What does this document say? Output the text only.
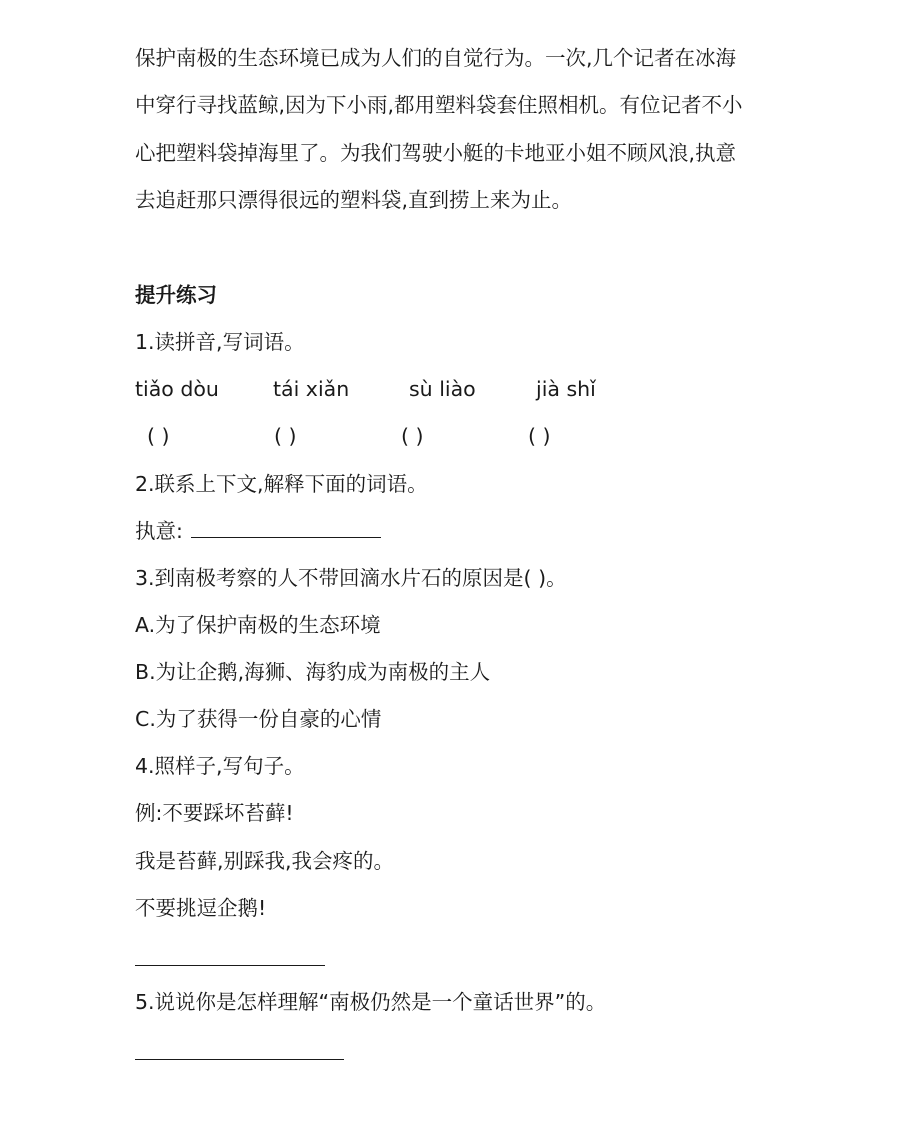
保护南极的生态环境已成为人们的自觉行为。一次,几个记者在冰海
中穿行寻找蓝鲸,因为下小雨,都用塑料袋套住照相机。有位记者不小
心把塑料袋掉海里了。为我们驾驶小艇的卡地亚小姐不顾风浪,执意
去追赶那只漂得很远的塑料袋,直到捞上来为止。
提升练习
1.读拼音,写词语。
tiǎo dòu	tái xiǎn	sù liào	jià shǐ
( )	( )	( )	( )
2.联系上下文,解释下面的词语。
执意:
3.到南极考察的人不带回滴水片石的原因是( )。
A.为了保护南极的生态环境
B.为让企鹅,海狮、海豹成为南极的主人
C.为了获得一份自豪的心情
4.照样子,写句子。
例:不要踩坏苔藓!
我是苔藓,别踩我,我会疼的。
不要挑逗企鹅!
5.说说你是怎样理解“南极仍然是一个童话世界”的。
